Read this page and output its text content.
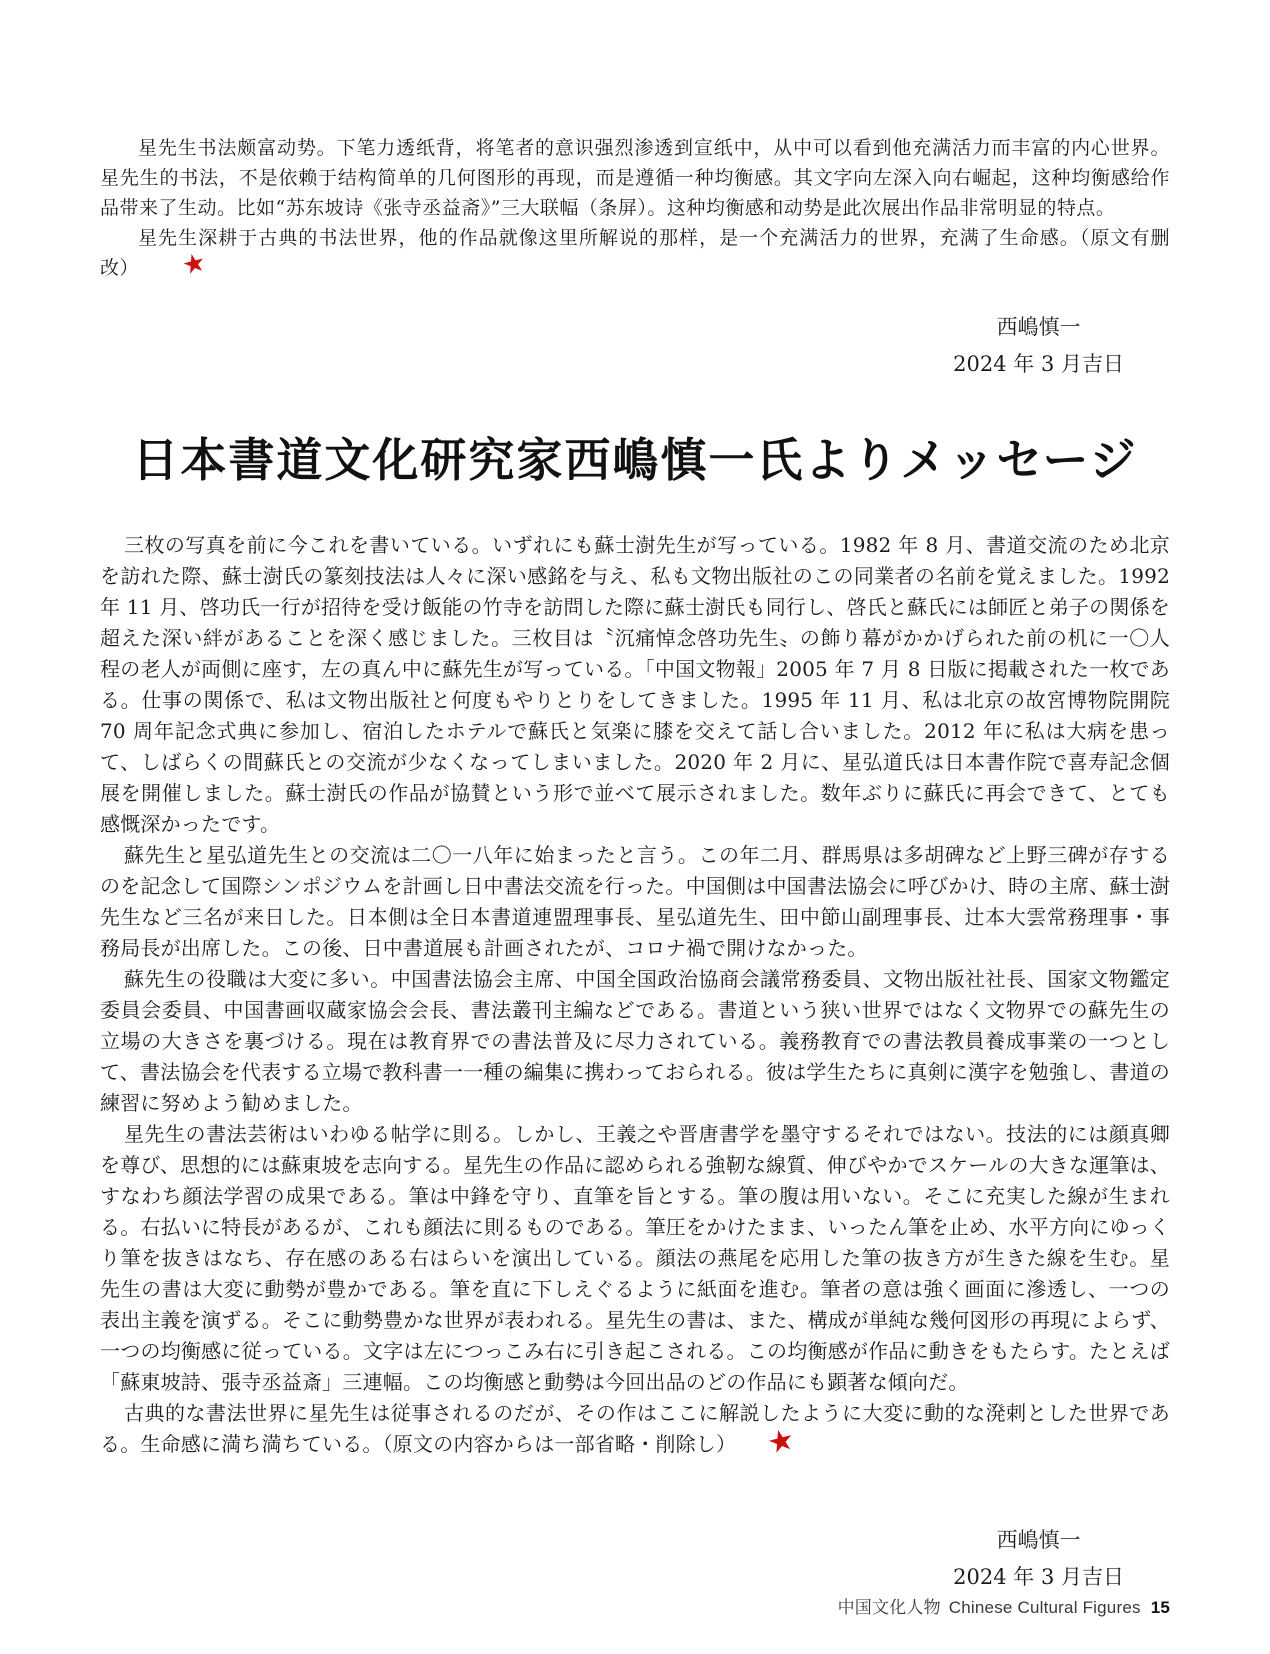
星先生书法颇富动势。下笔力透纸背，将笔者的意识强烈渗透到宣纸中，从中可以看到他充满活力而丰富的内心世界。星先生的书法，不是依赖于结构简单的几何图形的再现，而是遵循一种均衡感。其文字向左深入向右崛起，这种均衡感给作品带来了生动。比如“苏东坡诗《张寺丞益斋》”三大联幅（条屏）。这种均衡感和动势是此次展出作品非常明显的特点。

星先生深耕于古典的书法世界，他的作品就像这里所解说的那样，是一个充满活力的世界，充满了生命感。（原文有删改） ★

西嶋慎一
2024 年 3 月吉日
日本書道文化研究家西嶋慎一氏よりメッセージ

三枚の写真を前に今これを書いている。いずれにも蘇士澍先生が写っている。1982 年 8 月、書道交流のため北京を訪れた際、蘇士澍氏の篆刻技法は人々に深い感銘を与え、私も文物出版社のこの同業者の名前を覚えました。1992 年 11 月、啓功氏一行が招待を受け飯能の竹寺を訪問した際に蘇士澍氏も同行し、啓氏と蘇氏には師匠と弟子の関係を超えた深い絆があることを深く感じました。三枚目は〝沉痛悼念啓功先生〟の飾り幕がかかげられた前の机に一〇人程の老人が両側に座す，左の真ん中に蘇先生が写っている。「中国文物報」2005 年 7 月 8 日版に掲載された一枚である。仕事の関係で、私は文物出版社と何度もやりとりをしてきました。1995 年 11 月、私は北京の故宮博物院開院 70 周年記念式典に参加し、宿泊したホテルで蘇氏と気楽に膝を交えて話し合いました。2012 年に私は大病を患って、しばらくの間蘇氏との交流が少なくなってしまいました。2020 年 2 月に、星弘道氏は日本書作院で喜寿記念個展を開催しました。蘇士澍氏の作品が協賛という形で並べて展示されました。数年ぶりに蘇氏に再会できて、とても感慨深かったです。

蘇先生と星弘道先生との交流は二〇一八年に始まったと言う。この年二月、群馬県は多胡碑など上野三碑が存するのを記念して国際シンポジウムを計画し日中書法交流を行った。中国側は中国書法協会に呼びかけ、時の主席、蘇士澍先生など三名が来日した。日本側は全日本書道連盟理事長、星弘道先生、田中節山副理事長、辻本大雲常務理事・事務局長が出席した。この後、日中書道展も計画されたが、コロナ禍で開けなかった。

蘇先生の役職は大変に多い。中国書法協会主席、中国全国政治協商会議常務委員、文物出版社社長、国家文物鑑定委員会委員、中国書画収蔵家協会会長、書法叢刊主編などである。書道という狭い世界ではなく文物界での蘇先生の立場の大きさを裏づける。現在は教育界での書法普及に尽力されている。義務教育での書法教員養成事業の一つとして、書法協会を代表する立場で教科書一一種の編集に携わっておられる。彼は学生たちに真剣に漢字を勉強し、書道の練習に努めよう勧めました。

星先生の書法芸術はいわゆる帖学に則る。しかし、王義之や晋唐書学を墨守するそれではない。技法的には顔真卿を尊び、思想的には蘇東坡を志向する。星先生の作品に認められる強靭な線質、伸びやかでスケールの大きな運筆は、すなわち顔法学習の成果である。筆は中鋒を守り、直筆を旨とする。筆の腹は用いない。そこに充実した線が生まれる。右払いに特長があるが、これも顔法に則るものである。筆圧をかけたまま、いったん筆を止め、水平方向にゆっくり筆を抜きはなち、存在感のある右はらいを演出している。顔法の燕尾を応用した筆の抜き方が生きた線を生む。星先生の書は大変に動勢が豊かである。筆を直に下しえぐるように紙面を進む。筆者の意は強く画面に滲透し、一つの表出主義を演ずる。そこに動勢豊かな世界が表われる。星先生の書は、また、構成が単純な幾何図形の再現によらず、一つの均衡感に従っている。文字は左につっこみ右に引き起こされる。この均衡感が作品に動きをもたらす。たとえば「蘇東坡詩、張寺丞益斎」三連幅。この均衡感と動勢は今回出品のどの作品にも顕著な傾向だ。

古典的な書法世界に星先生は従事されるのだが、その作はここに解説したように大変に動的な溌剌とした世界である。生命感に満ち満ちている。（原文の内容からは一部省略・削除し） ★

西嶋慎一
2024 年 3 月吉日
中国文化人物 Chinese Cultural Figures 15
